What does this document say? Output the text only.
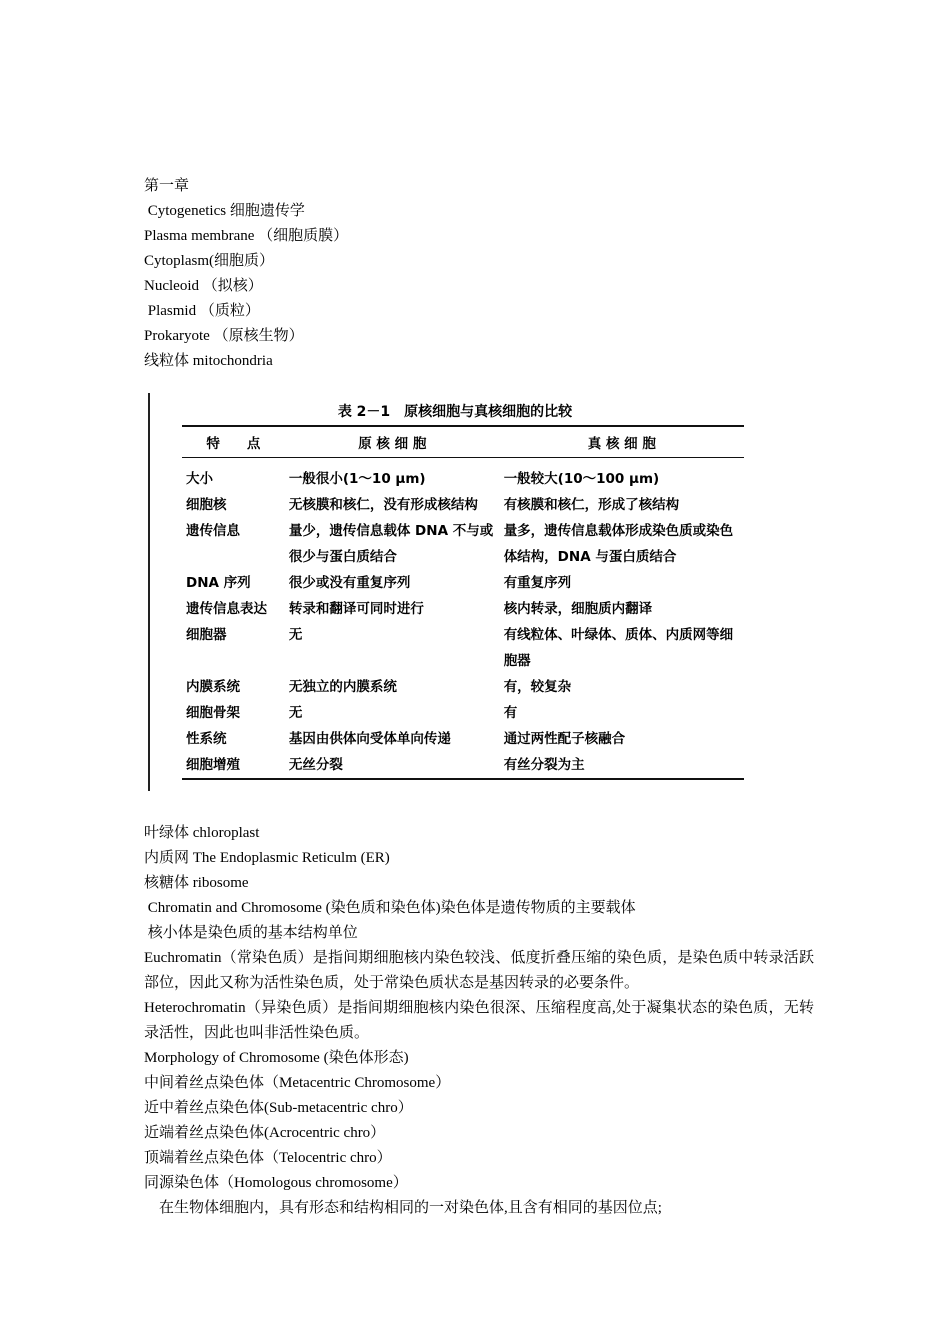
第一章
Cytogenetics 细胞遗传学
Plasma membrane （细胞质膜）
Cytoplasm(细胞质）
Nucleoid （拟核）
Plasmid （质粒）
Prokaryote （原核生物）
线粒体 mitochondria
表 2－1　原核细胞与真核细胞的比较
特　　点	原 核 细 胞	真 核 细 胞
大小	一般很小(1～10 μm)	一般较大(10～100 μm)
细胞核	无核膜和核仁，没有形成核结构	有核膜和核仁，形成了核结构
遗传信息	量少，遗传信息载体 DNA 不与或很少与蛋白质结合	量多，遗传信息载体形成染色质或染色体结构，DNA 与蛋白质结合
DNA 序列	很少或没有重复序列	有重复序列
遗传信息表达	转录和翻译可同时进行	核内转录，细胞质内翻译
细胞器	无	有线粒体、叶绿体、质体、内质网等细胞器
内膜系统	无独立的内膜系统	有，较复杂
细胞骨架	无	有
性系统	基因由供体向受体单向传递	通过两性配子核融合
细胞增殖	无丝分裂	有丝分裂为主

叶绿体 chloroplast

内质网 The Endoplasmic Reticulm (ER)

核糖体 ribosome

Chromatin and Chromosome (染色质和染色体)染色体是遗传物质的主要载体

核小体是染色质的基本结构单位

Euchromatin（常染色质）是指间期细胞核内染色较浅、低度折叠压缩的染色质，是染色质中转录活跃部位，因此又称为活性染色质，处于常染色质状态是基因转录的必要条件。

Heterochromatin（异染色质）是指间期细胞核内染色很深、压缩程度高,处于凝集状态的染色质，无转录活性，因此也叫非活性染色质。

Morphology of Chromosome (染色体形态)

中间着丝点染色体（Metacentric Chromosome）

近中着丝点染色体(Sub-metacentric chro）

近端着丝点染色体(Acrocentric chro）

顶端着丝点染色体（Telocentric chro）

同源染色体（Homologous chromosome）

　在生物体细胞内，具有形态和结构相同的一对染色体,且含有相同的基因位点;
